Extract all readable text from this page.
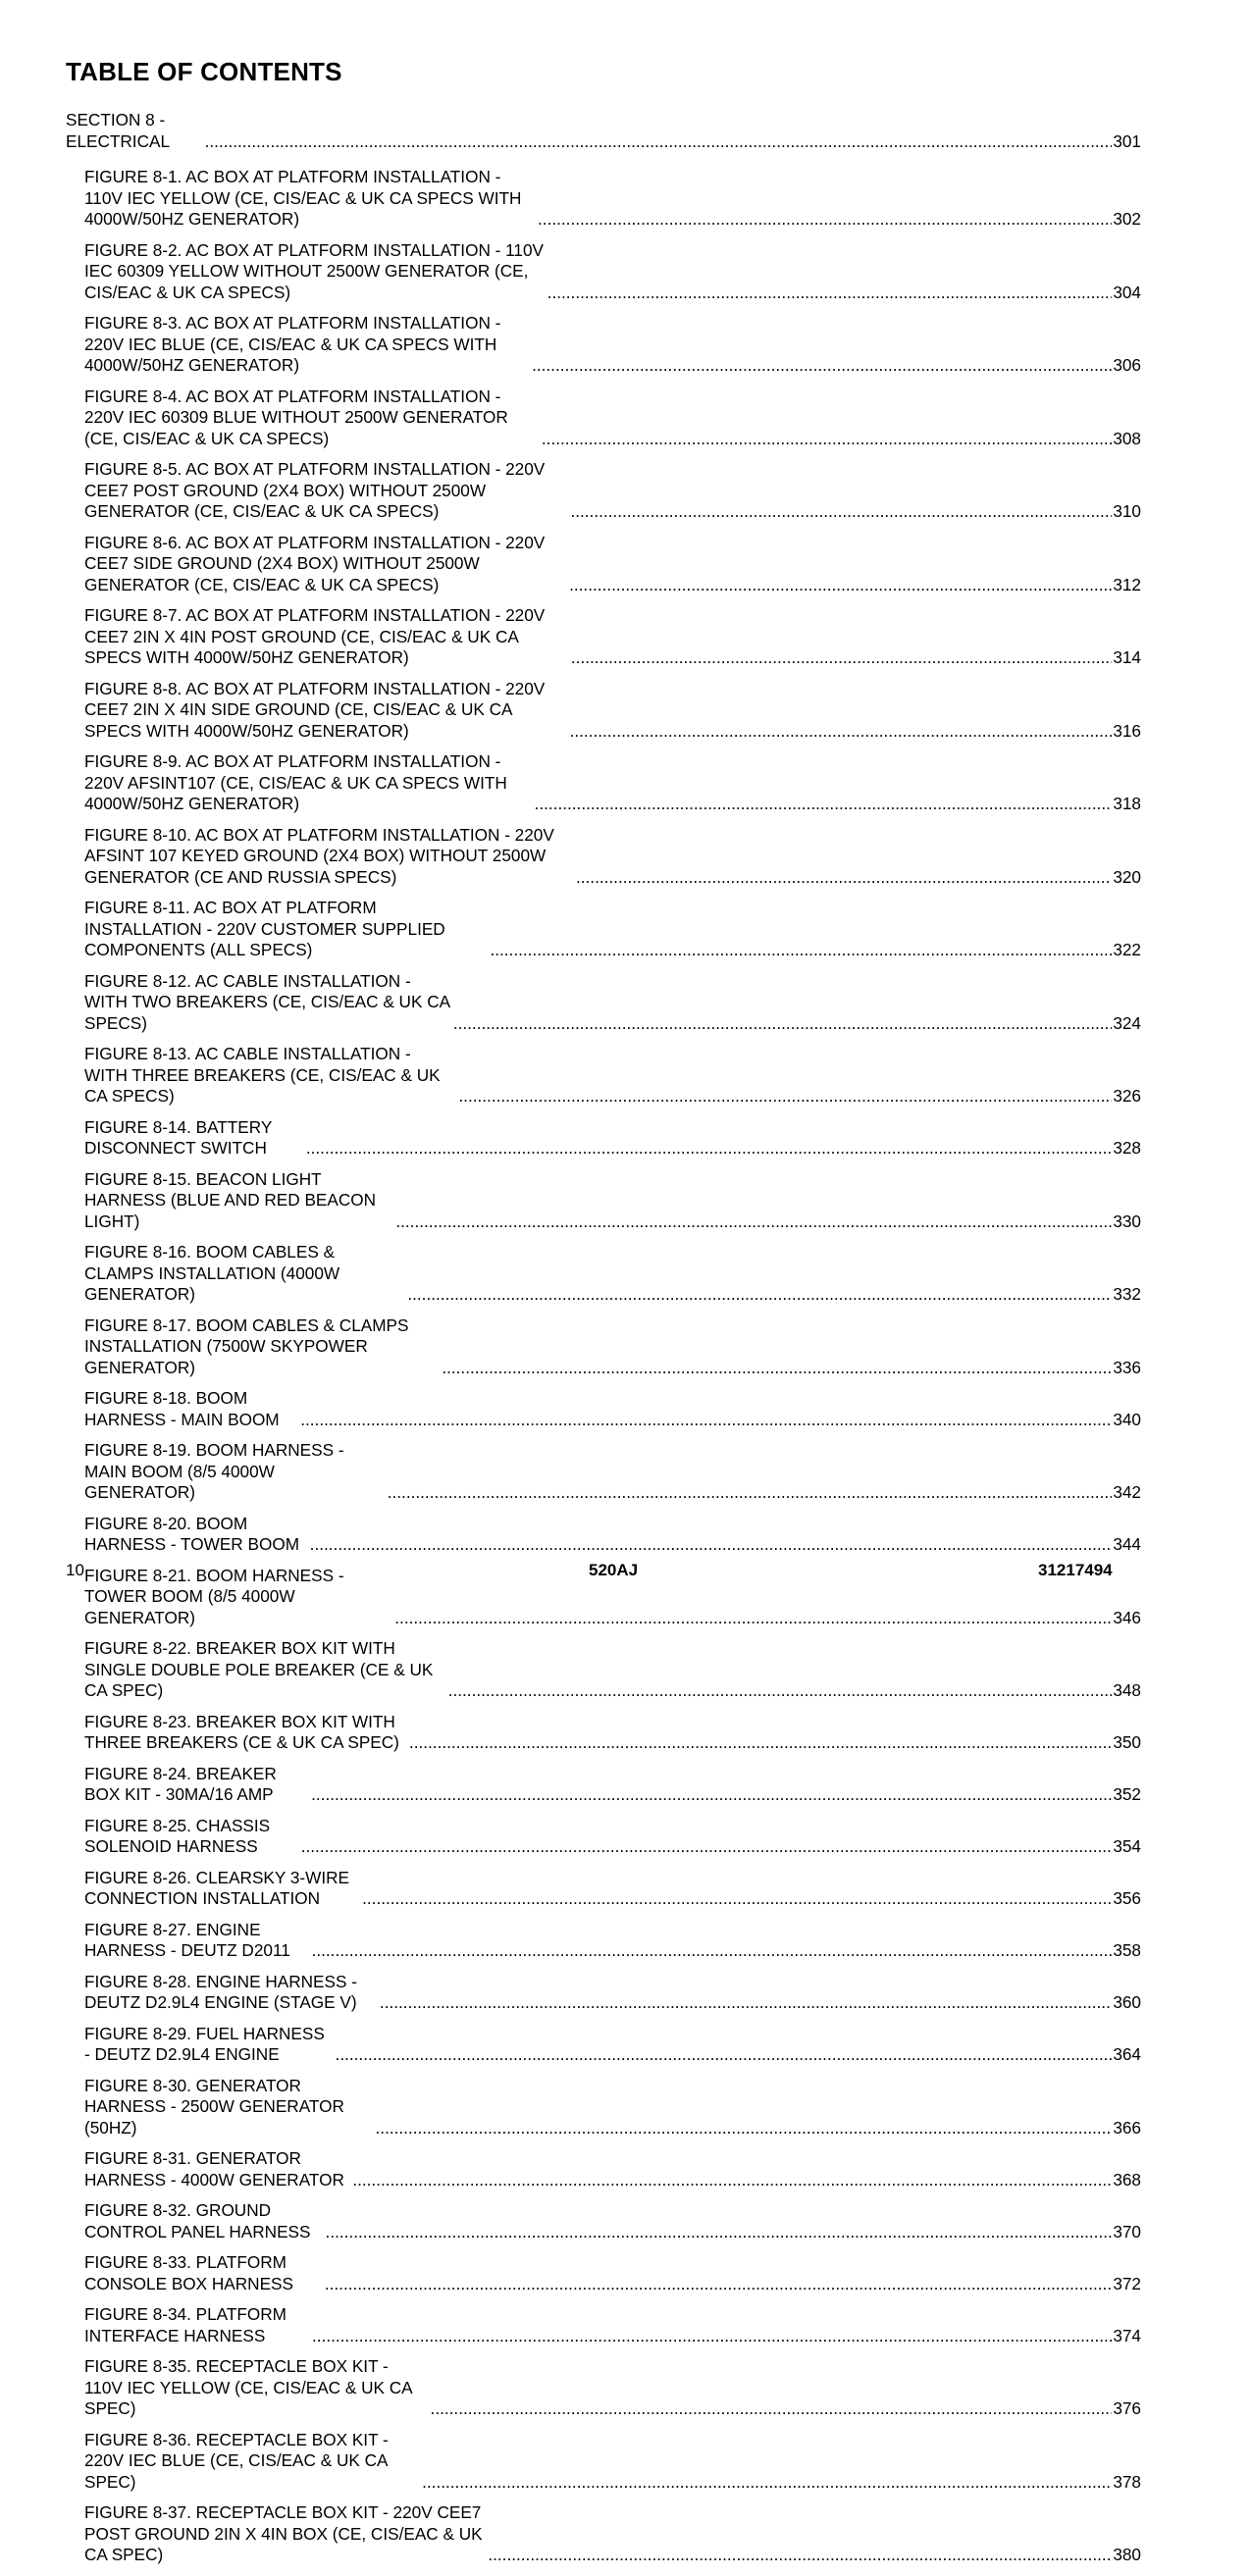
TABLE OF CONTENTS
SECTION 8 - ELECTRICAL .....	301
FIGURE 8-1. AC BOX AT PLATFORM INSTALLATION - 110V IEC YELLOW (CE, CIS/EAC & UK CA SPECS WITH 4000W/50HZ GENERATOR) .....	302
FIGURE 8-2. AC BOX AT PLATFORM INSTALLATION - 110V IEC 60309 YELLOW WITHOUT 2500W GENERATOR (CE, CIS/EAC & UK CA SPECS) .....	304
FIGURE 8-3. AC BOX AT PLATFORM INSTALLATION - 220V IEC BLUE (CE, CIS/EAC & UK CA SPECS WITH 4000W/50HZ GENERATOR) .....	306
FIGURE 8-4. AC BOX AT PLATFORM INSTALLATION - 220V IEC 60309 BLUE WITHOUT 2500W GENERATOR (CE, CIS/EAC & UK CA SPECS) .....	308
FIGURE 8-5. AC BOX AT PLATFORM INSTALLATION - 220V CEE7 POST GROUND (2X4 BOX) WITHOUT 2500W GENERATOR (CE, CIS/EAC & UK CA SPECS) .....	310
FIGURE 8-6. AC BOX AT PLATFORM INSTALLATION - 220V CEE7 SIDE GROUND (2X4 BOX) WITHOUT 2500W GENERATOR (CE, CIS/EAC & UK CA SPECS) .....	312
FIGURE 8-7. AC BOX AT PLATFORM INSTALLATION - 220V CEE7 2IN X 4IN POST GROUND (CE, CIS/EAC & UK CA SPECS WITH 4000W/50HZ GENERATOR) .....	314
FIGURE 8-8. AC BOX AT PLATFORM INSTALLATION - 220V CEE7 2IN X 4IN SIDE GROUND (CE, CIS/EAC & UK CA SPECS WITH 4000W/50HZ GENERATOR) .....	316
FIGURE 8-9. AC BOX AT PLATFORM INSTALLATION - 220V AFSINT107 (CE, CIS/EAC & UK CA SPECS WITH 4000W/50HZ GENERATOR) .....	318
FIGURE 8-10. AC BOX AT PLATFORM INSTALLATION - 220V AFSINT 107 KEYED GROUND (2X4 BOX) WITHOUT 2500W GENERATOR (CE AND RUSSIA SPECS) .....	320
FIGURE 8-11. AC BOX AT PLATFORM INSTALLATION - 220V CUSTOMER SUPPLIED COMPONENTS (ALL SPECS) .....	322
FIGURE 8-12. AC CABLE INSTALLATION - WITH TWO BREAKERS (CE, CIS/EAC & UK CA SPECS) .....	324
FIGURE 8-13. AC CABLE INSTALLATION - WITH THREE BREAKERS (CE, CIS/EAC & UK CA SPECS) .....	326
FIGURE 8-14. BATTERY DISCONNECT SWITCH .....	328
FIGURE 8-15. BEACON LIGHT HARNESS (BLUE AND RED BEACON LIGHT) .....	330
FIGURE 8-16. BOOM CABLES & CLAMPS INSTALLATION (4000W GENERATOR) .....	332
FIGURE 8-17. BOOM CABLES & CLAMPS INSTALLATION (7500W SKYPOWER GENERATOR) .....	336
FIGURE 8-18. BOOM HARNESS - MAIN BOOM .....	340
FIGURE 8-19. BOOM HARNESS - MAIN BOOM (8/5 4000W GENERATOR) .....	342
FIGURE 8-20. BOOM HARNESS - TOWER BOOM .....	344
FIGURE 8-21. BOOM HARNESS - TOWER BOOM (8/5 4000W GENERATOR) .....	346
FIGURE 8-22. BREAKER BOX KIT WITH SINGLE DOUBLE POLE BREAKER (CE & UK CA SPEC) .....	348
FIGURE 8-23. BREAKER BOX KIT WITH THREE BREAKERS (CE & UK CA SPEC) .....	350
FIGURE 8-24. BREAKER BOX KIT - 30MA/16 AMP .....	352
FIGURE 8-25. CHASSIS SOLENOID HARNESS .....	354
FIGURE 8-26. CLEARSKY 3-WIRE CONNECTION INSTALLATION .....	356
FIGURE 8-27. ENGINE HARNESS - DEUTZ D2011 .....	358
FIGURE 8-28. ENGINE HARNESS - DEUTZ D2.9L4 ENGINE (STAGE V) .....	360
FIGURE 8-29. FUEL HARNESS - DEUTZ D2.9L4 ENGINE .....	364
FIGURE 8-30. GENERATOR HARNESS - 2500W GENERATOR (50HZ) .....	366
FIGURE 8-31. GENERATOR HARNESS - 4000W GENERATOR .....	368
FIGURE 8-32. GROUND CONTROL PANEL HARNESS .....	370
FIGURE 8-33. PLATFORM CONSOLE BOX HARNESS .....	372
FIGURE 8-34. PLATFORM INTERFACE HARNESS .....	374
FIGURE 8-35. RECEPTACLE BOX KIT - 110V IEC YELLOW (CE, CIS/EAC & UK CA SPEC) .....	376
FIGURE 8-36. RECEPTACLE BOX KIT - 220V IEC BLUE (CE, CIS/EAC & UK CA SPEC) .....	378
FIGURE 8-37. RECEPTACLE BOX KIT - 220V CEE7 POST GROUND 2IN X 4IN BOX (CE, CIS/EAC & UK CA SPEC) .....	380
10	520AJ	31217494
